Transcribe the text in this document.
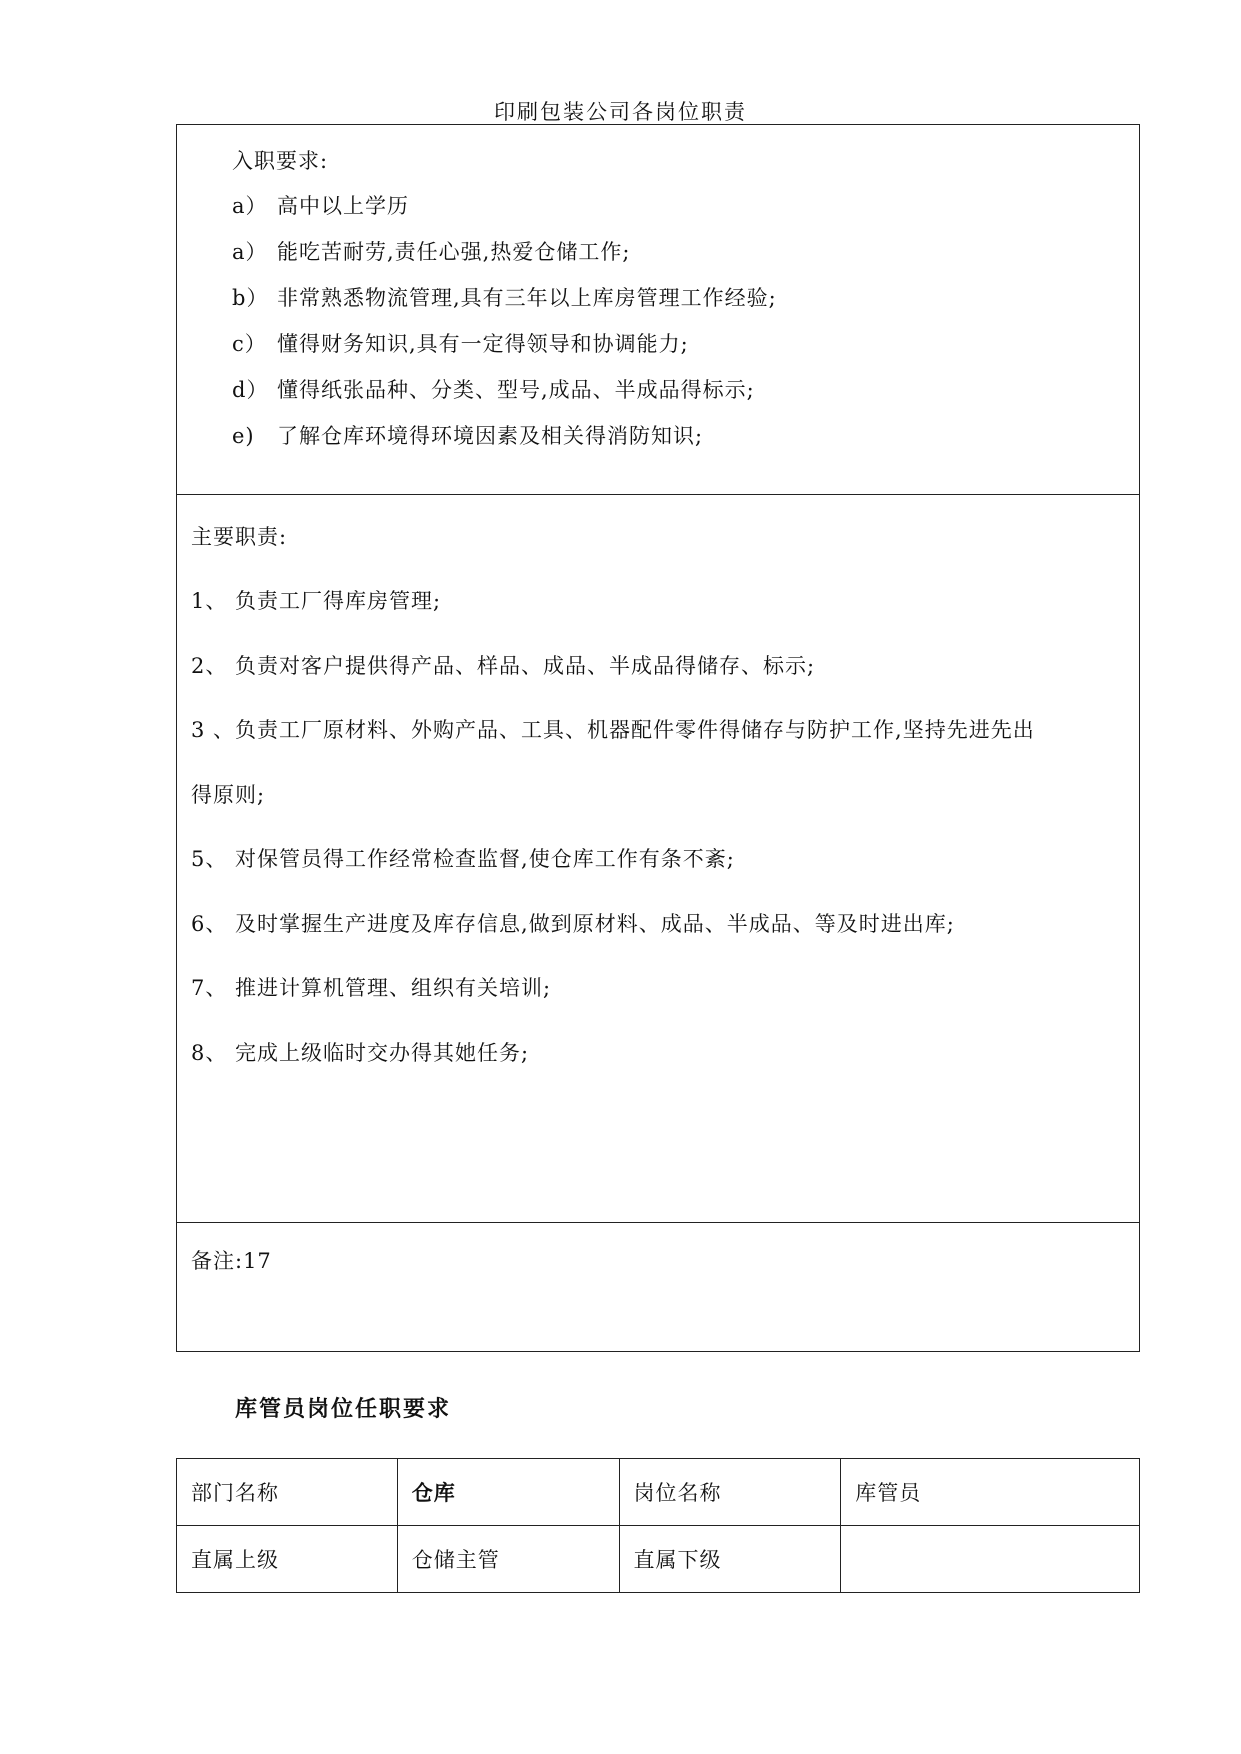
印刷包装公司各岗位职责
入职要求:
a） 高中以上学历
a） 能吃苦耐劳,责任心强,热爱仓储工作;
b） 非常熟悉物流管理,具有三年以上库房管理工作经验;
c） 懂得财务知识,具有一定得领导和协调能力;
d） 懂得纸张品种、分类、型号,成品、半成品得标示;
e) 了解仓库环境得环境因素及相关得消防知识;
主要职责:
1、 负责工厂得库房管理;
2、 负责对客户提供得产品、样品、成品、半成品得储存、标示;
3 、负责工厂原材料、外购产品、工具、机器配件零件得储存与防护工作,坚持先进先出
得原则;
5、 对保管员得工作经常检查监督,使仓库工作有条不紊;
6、 及时掌握生产进度及库存信息,做到原材料、成品、半成品、等及时进出库;
7、 推进计算机管理、组织有关培训;
8、 完成上级临时交办得其她任务;
备注:17
库管员岗位任职要求
部门名称	仓库	岗位名称	库管员
直属上级	仓储主管	直属下级	
